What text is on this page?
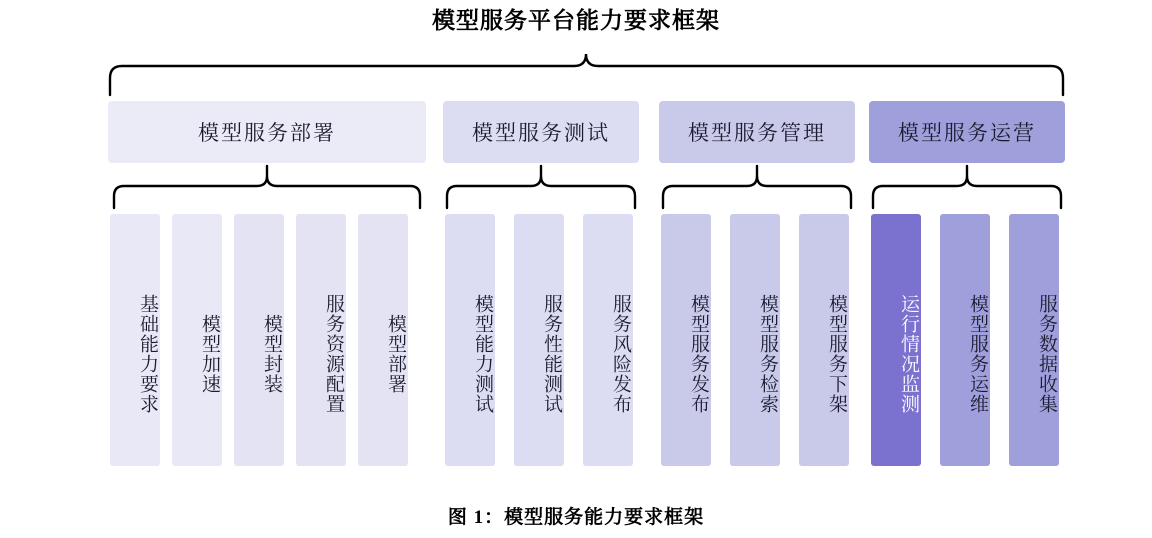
模型服务平台能力要求框架
模型服务部署
基础能力要求 模型加速 模型封装 服务资源配置 模型部署
模型服务测试
模型能力测试	服务性能测试	服务风险发布
模型服务管理
模型服务发布	模型服务检索	模型服务下架
模型服务运营
运行情况监测	模型服务运维	服务数据收集
图 1：模型服务能力要求框架
